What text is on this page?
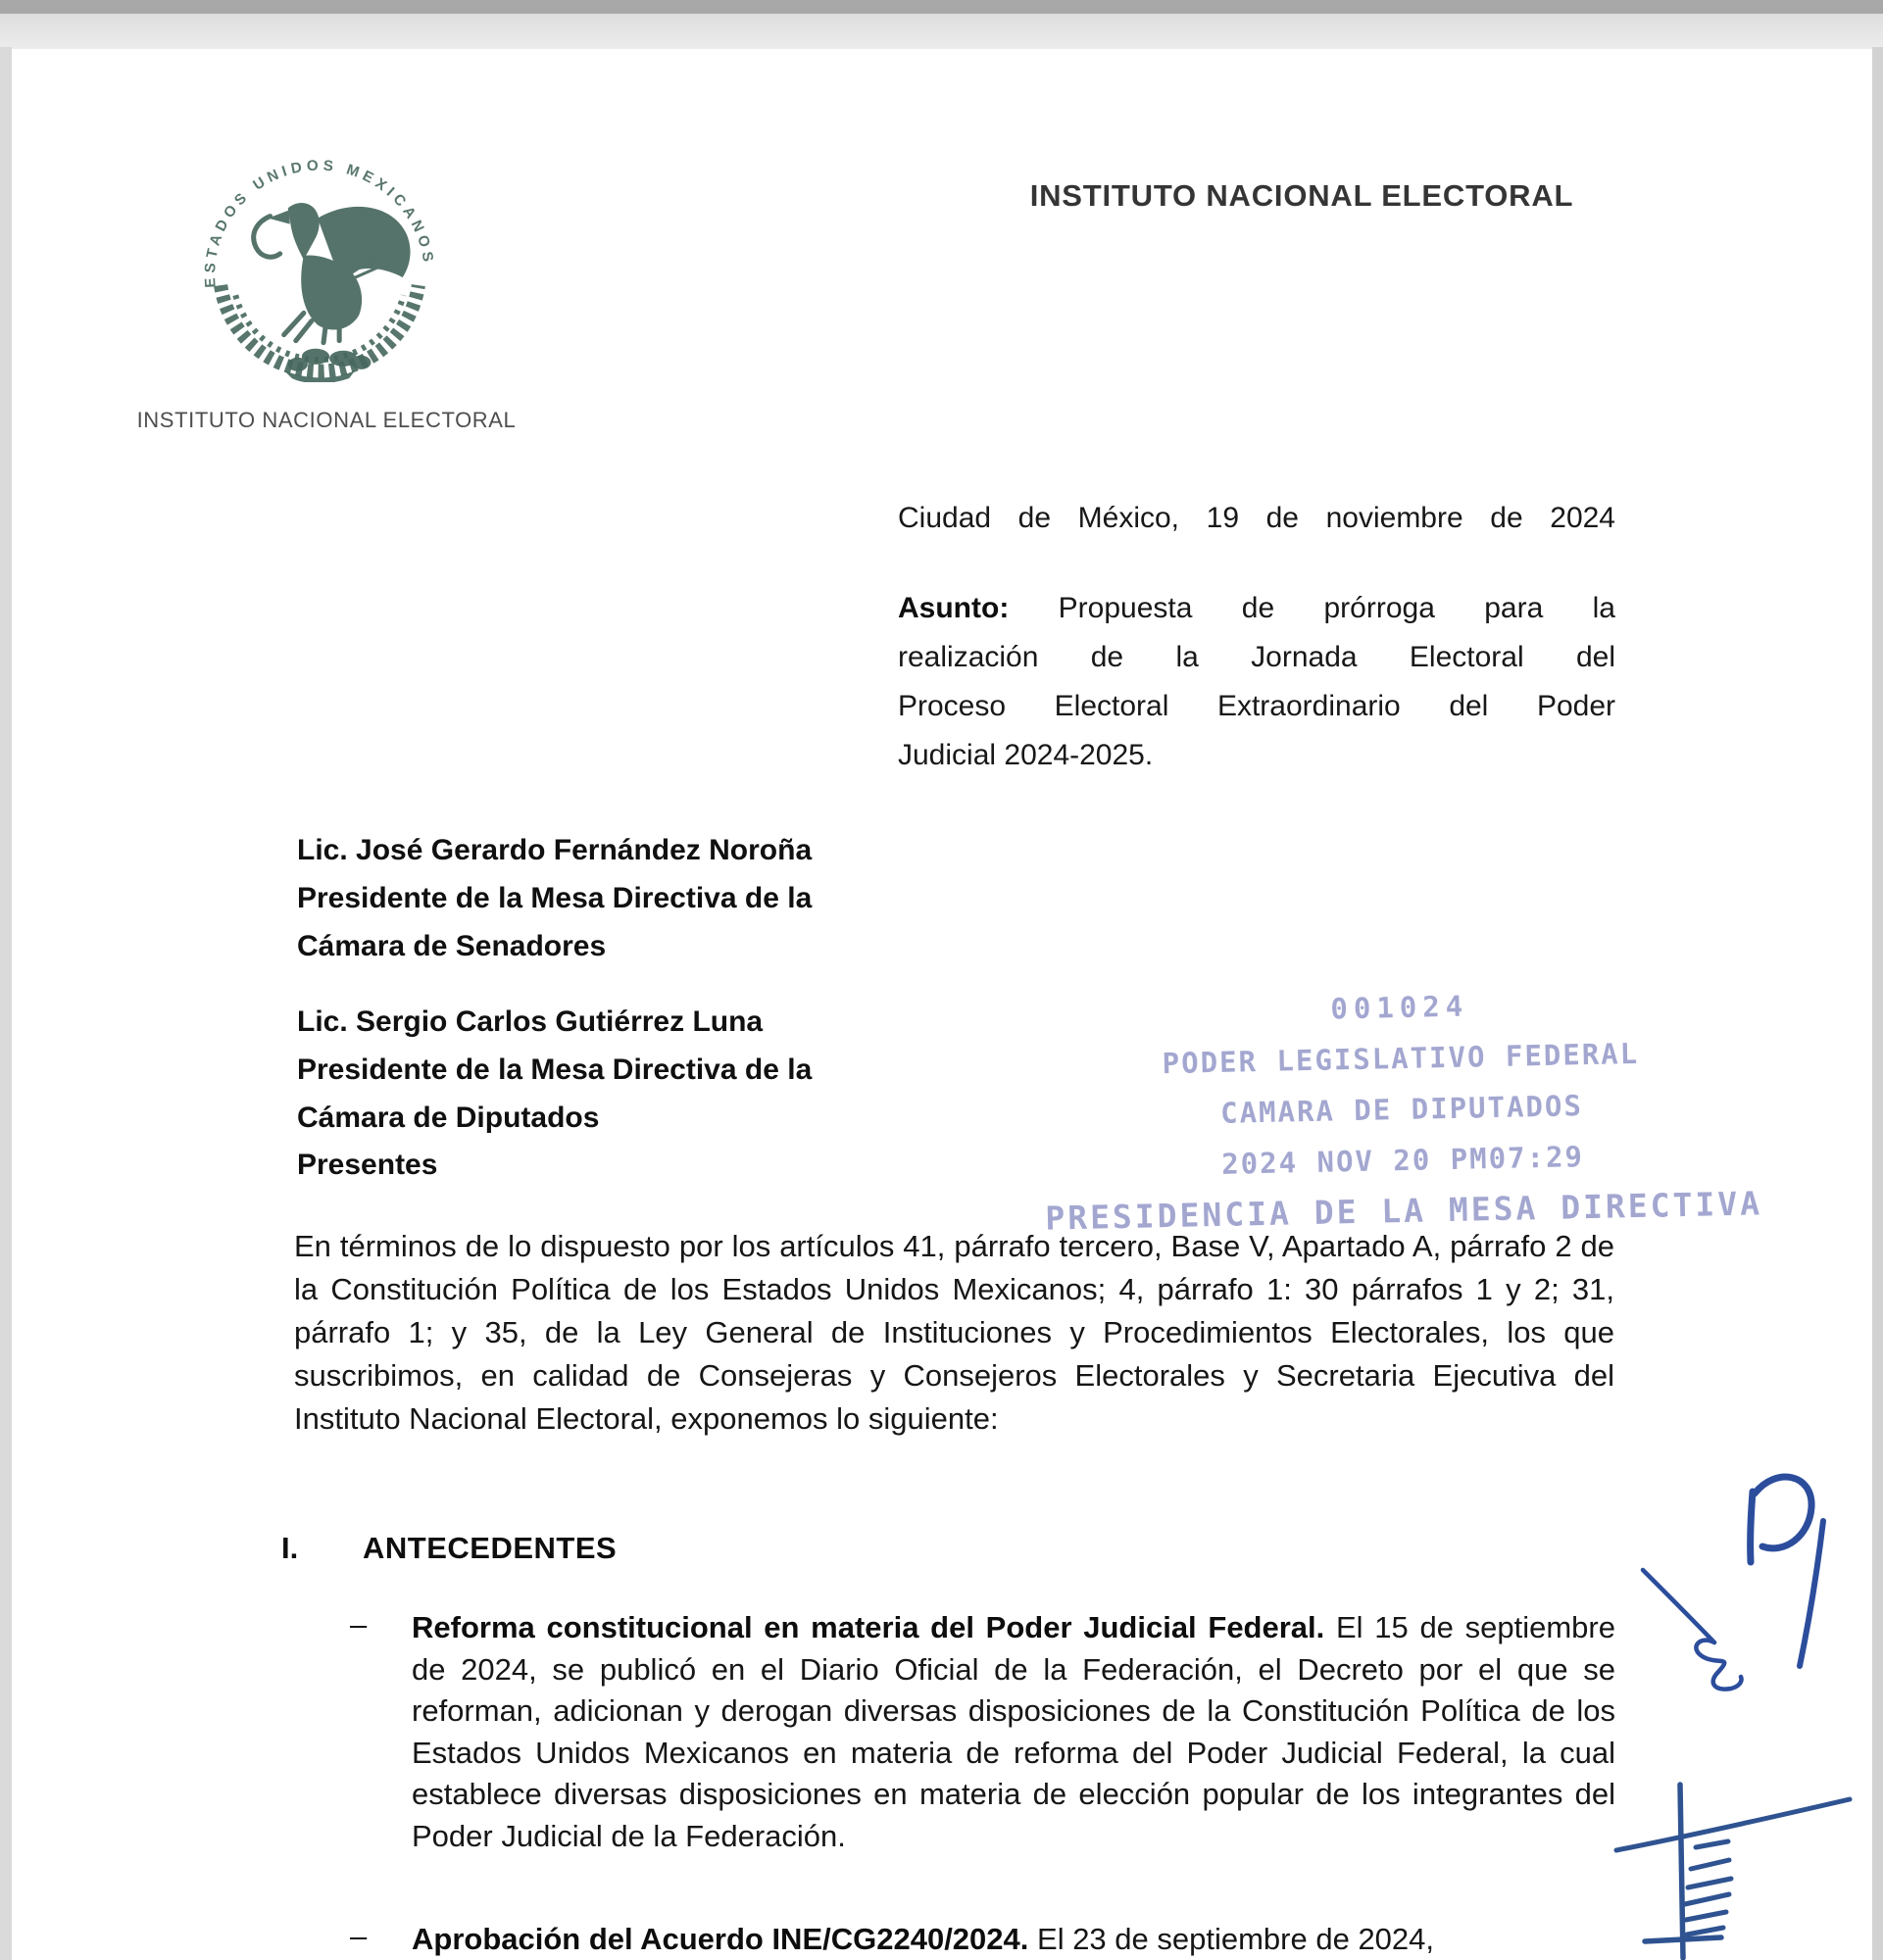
ESTADOS UNIDOS MEXICANOS
INSTITUTO NACIONAL ELECTORAL
INSTITUTO NACIONAL ELECTORAL
Ciudad de México, 19 de noviembre de 2024
Asunto: Propuesta de prórroga para la
realización de la Jornada Electoral del
Proceso Electoral Extraordinario del Poder
Judicial 2024-2025.
Lic. José Gerardo Fernández Noroña
Presidente de la Mesa Directiva de la
Cámara de Senadores
Lic. Sergio Carlos Gutiérrez Luna
Presidente de la Mesa Directiva de la
Cámara de Diputados
Presentes
001024
PODER LEGISLATIVO FEDERAL
CAMARA DE DIPUTADOS
2024 NOV 20 PM07:29
PRESIDENCIA DE LA MESA DIRECTIVA
En términos de lo dispuesto por los artículos 41, párrafo tercero, Base V, Apartado A, párrafo 2 de la Constitución Política de los Estados Unidos Mexicanos; 4, párrafo 1: 30 párrafos 1 y 2; 31, párrafo 1; y 35, de la Ley General de Instituciones y Procedimientos Electorales, los que suscribimos, en calidad de Consejeras y Consejeros Electorales y Secretaria Ejecutiva del Instituto Nacional Electoral, exponemos lo siguiente:
I. ANTECEDENTES
– Reforma constitucional en materia del Poder Judicial Federal. El 15 de septiembre de 2024, se publicó en el Diario Oficial de la Federación, el Decreto por el que se reforman, adicionan y derogan diversas disposiciones de la Constitución Política de los Estados Unidos Mexicanos en materia de reforma del Poder Judicial Federal, la cual establece diversas disposiciones en materia de elección popular de los integrantes del Poder Judicial de la Federación.
– Aprobación del Acuerdo INE/CG2240/2024. El 23 de septiembre de 2024,
